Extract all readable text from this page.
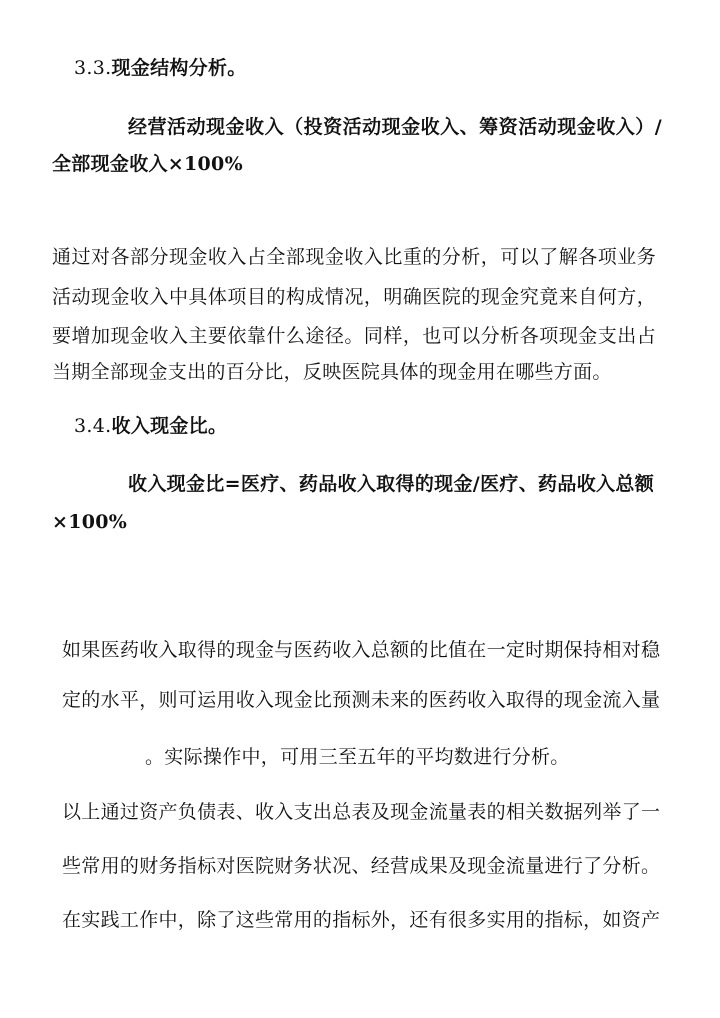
3.3.现金结构分析。
经营活动现金收入（投资活动现金收入、筹资活动现金收入）/
全部现金收入×100%
通过对各部分现金收入占全部现金收入比重的分析，可以了解各项业务
活动现金收入中具体项目的构成情况，明确医院的现金究竟来自何方，
要增加现金收入主要依靠什么途径。同样，也可以分析各项现金支出占
当期全部现金支出的百分比，反映医院具体的现金用在哪些方面。
3.4.收入现金比。
收入现金比=医疗、药品收入取得的现金/医疗、药品收入总额
×100%
如果医药收入取得的现金与医药收入总额的比值在一定时期保持相对稳
定的水平，则可运用收入现金比预测未来的医药收入取得的现金流入量
。实际操作中，可用三至五年的平均数进行分析。
以上通过资产负债表、收入支出总表及现金流量表的相关数据列举了一
些常用的财务指标对医院财务状况、经营成果及现金流量进行了分析。
在实践工作中，除了这些常用的指标外，还有很多实用的指标，如资产
